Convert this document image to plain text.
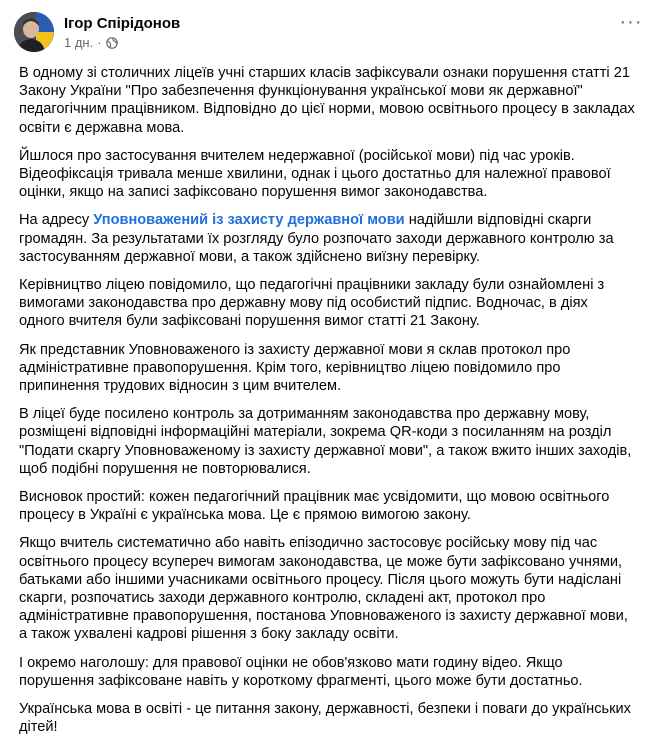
Ігор Спірідонов
1 дн. ·
···

В одному зі столичних ліцеїв учні старших класів зафіксували ознаки порушення статті 21 Закону України "Про забезпечення функціонування української мови як державної" педагогічним працівником. Відповідно до цієї норми, мовою освітнього процесу в закладах освіти є державна мова.

Йшлося про застосування вчителем недержавної (російської мови) під час уроків. Відеофіксація тривала менше хвилини, однак і цього достатньо для належної правової оцінки, якщо на записі зафіксовано порушення вимог законодавства.

На адресу Уповноважений із захисту державної мови надійшли відповідні скарги громадян. За результатами їх розгляду було розпочато заходи державного контролю за застосуванням державної мови, а також здійснено виїзну перевірку.

Керівництво ліцею повідомило, що педагогічні працівники закладу були ознайомлені з вимогами законодавства про державну мову під особистий підпис. Водночас, в діях одного вчителя були зафіксовані порушення вимог статті 21 Закону.

Як представник Уповноваженого із захисту державної мови я склав протокол про адміністративне правопорушення. Крім того, керівництво ліцею повідомило про припинення трудових відносин з цим вчителем.

В ліцеї буде посилено контроль за дотриманням законодавства про державну мову, розміщені відповідні інформаційні матеріали, зокрема QR-коди з посиланням на розділ "Подати скаргу Уповноваженому із захисту державної мови", а також вжито інших заходів, щоб подібні порушення не повторювалися.

Висновок простий: кожен педагогічний працівник має усвідомити, що мовою освітнього процесу в Україні є українська мова. Це є прямою вимогою закону.

Якщо вчитель систематично або навіть епізодично застосовує російську мову під час освітнього процесу всупереч вимогам законодавства, це може бути зафіксовано учнями, батьками або іншими учасниками освітнього процесу. Після цього можуть бути надіслані скарги, розпочатись заходи державного контролю, складені акт, протокол про адміністративне правопорушення, постанова Уповноваженого із захисту державної мови, а також ухвалені кадрові рішення з боку закладу освіти.

І окремо наголошу: для правової оцінки не обов'язково мати годину відео. Якщо порушення зафіксоване навіть у короткому фрагменті, цього може бути достатньо.

Українська мова в освіті - це питання закону, державності, безпеки і поваги до українських дітей!
